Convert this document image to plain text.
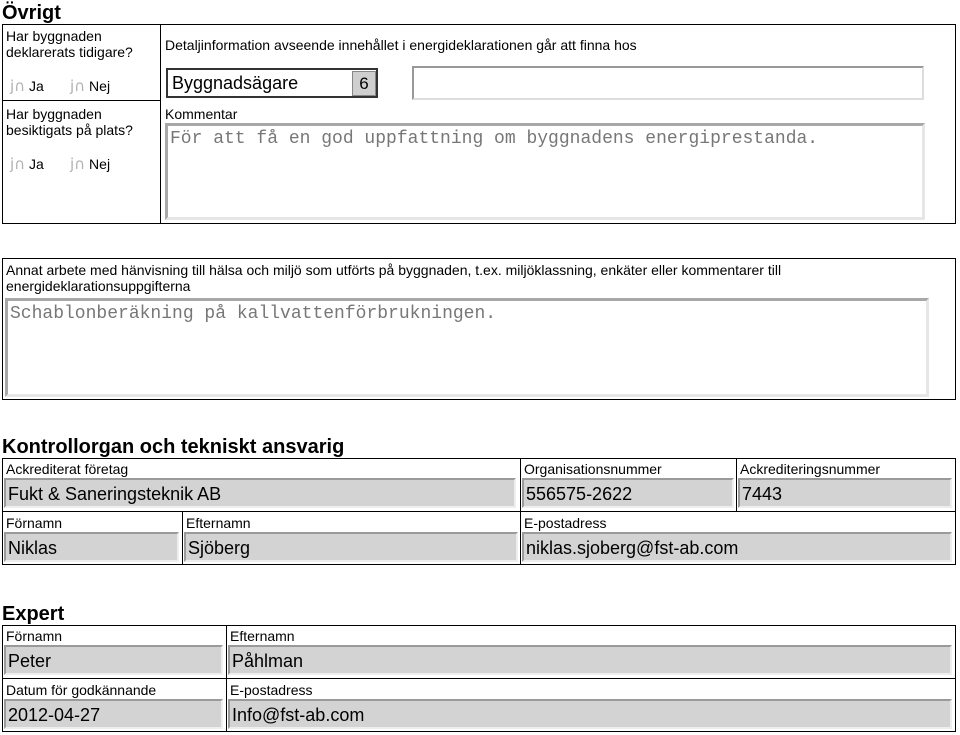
Övrigt
Har byggnaden deklarerats tidigare?
j∩ Ja j∩ Nej
Har byggnaden besiktigats på plats?
j∩ Ja j∩ Nej
Detaljinformation avseende innehållet i energideklarationen går att finna hos
Byggnadsägare	6
Kommentar
För att få en god uppfattning om byggnadens energiprestanda.
Annat arbete med hänvisning till hälsa och miljö som utförts på byggnaden, t.ex. miljöklassning, enkäter eller kommentarer till energideklarationsuppgifterna
Schablonberäkning på kallvattenförbrukningen.
Kontrollorgan och tekniskt ansvarig
Ackrediterat företag
Fukt & Saneringsteknik AB
Organisationsnummer
556575-2622
Ackrediteringsnummer
7443
Förnamn
Niklas
Efternamn
Sjöberg
E-postadress
niklas.sjoberg@fst-ab.com
Expert
Förnamn
Peter
Efternamn
Påhlman
Datum för godkännande
2012-04-27
E-postadress
Info@fst-ab.com
